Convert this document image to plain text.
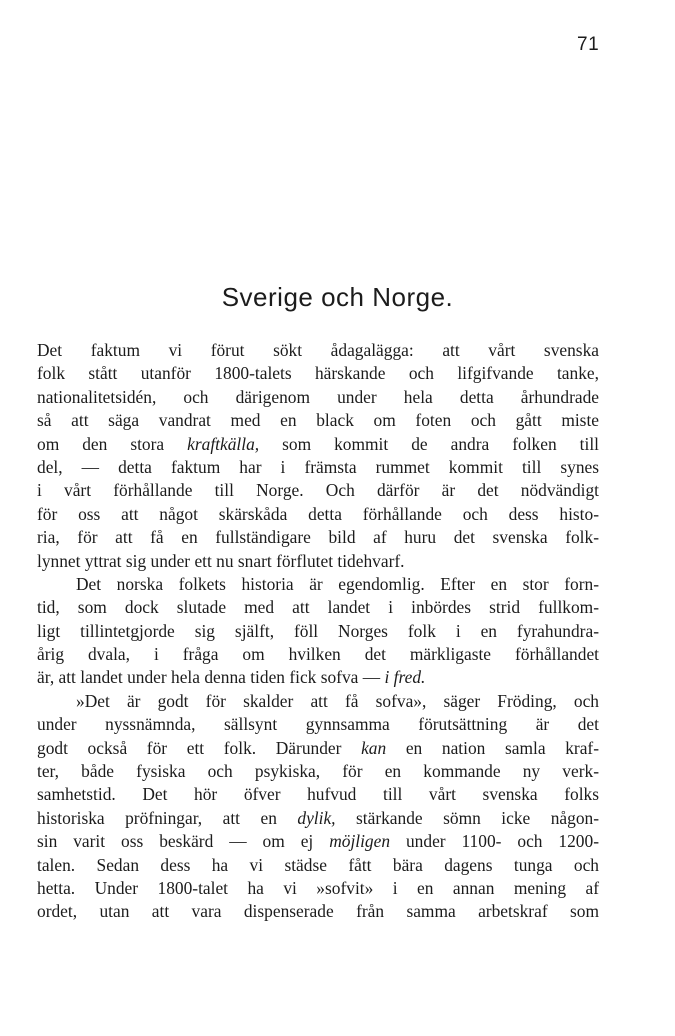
71
Sverige och Norge.
Det faktum vi förut sökt ådagalägga: att vårt svenska
folk stått utanför 1800-talets härskande och lifgifvande tanke,
nationalitetsidén, och därigenom under hela detta århundrade
så att säga vandrat med en black om foten och gått miste
om den stora kraftkälla, som kommit de andra folken till
del, — detta faktum har i främsta rummet kommit till synes
i vårt förhållande till Norge. Och därför är det nödvändigt
för oss att något skärskåda detta förhållande och dess histo-
ria, för att få en fullständigare bild af huru det svenska folk-
lynnet yttrat sig under ett nu snart förflutet tidehvarf.
Det norska folkets historia är egendomlig. Efter en stor forn-
tid, som dock slutade med att landet i inbördes strid fullkom-
ligt tillintetgjorde sig själft, föll Norges folk i en fyrahundra-
årig dvala, i fråga om hvilken det märkligaste förhållandet
är, att landet under hela denna tiden fick sofva — i fred.
»Det är godt för skalder att få sofva», säger Fröding, och
under nyssnämnda, sällsynt gynnsamma förutsättning är det
godt också för ett folk. Därunder kan en nation samla kraf-
ter, både fysiska och psykiska, för en kommande ny verk-
samhetstid. Det hör öfver hufvud till vårt svenska folks
historiska pröfningar, att en dylik, stärkande sömn icke någon-
sin varit oss beskärd — om ej möjligen under 1100- och 1200-
talen. Sedan dess ha vi städse fått bära dagens tunga och
hetta. Under 1800-talet ha vi »sofvit» i en annan mening af
ordet, utan att vara dispenserade från samma arbetskraf som
